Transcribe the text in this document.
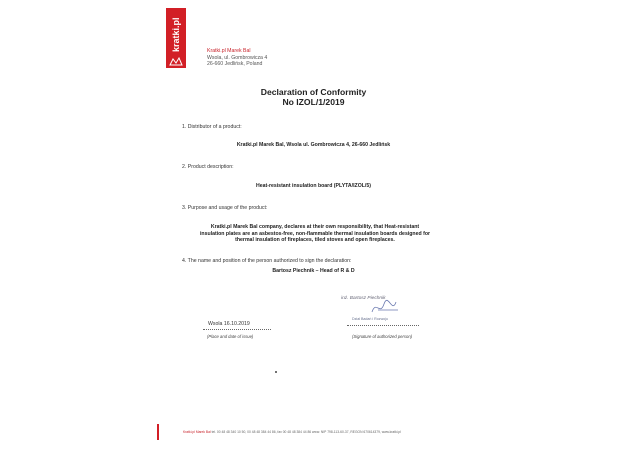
kratki.pl	Kratki.pl Marek Bal
Wsola, ul. Gombrowicza 4
26-660 Jedlińsk, Poland
Declaration of Conformity
No IZOL/1/2019
1. Distributor of a product:
Kratki.pl Marek Bal, Wsola ul. Gombrowicza 4, 26-660 Jedlińsk
2. Product description:
Heat-resistant insulation board (PLYTA/IZOL/5)
3. Purpose and usage of the product:
Kratki.pl Marek Bal company, declares at their own responsibility, that Heat-resistant
insulation plates are an asbestos-free, non-flammable thermal insulation boards designed for
thermal insulation of fireplaces, tiled stoves and open fireplaces.
4. The name and position of the person authorized to sign the declaration:
Bartosz Piechnik – Head of R & D
inż. Bartosz Piechnik
Dział Badań i Rozwoju
Wsola 16.10.2019
(Place and date of issue)	(Signature of authorized person)
Kratki.pl Marek Bal tel. 00 48 48 340 10 50, 00 48 48 384 44 86, fax 00 48 48 384 44 86 www. NIP 798-113-60-37, REGON 670614379, www.kratki.pl
